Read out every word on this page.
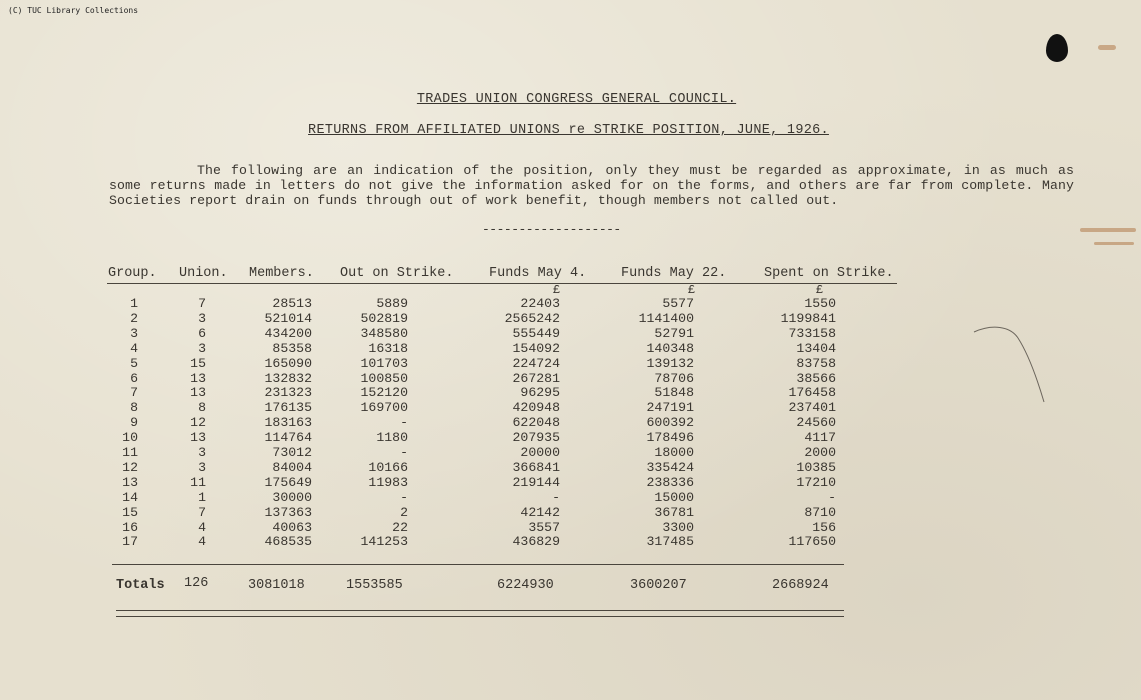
(C) TUC Library Collections
TRADES UNION CONGRESS GENERAL COUNCIL.
RETURNS FROM AFFILIATED UNIONS re STRIKE POSITION, JUNE, 1926.
The following are an indication of the position, only they must be regarded as approximate, in as much as some returns made in letters do not give the information asked for on the forms, and others are far from complete. Many Societies report drain on funds through out of work benefit, though members not called out.
-------------------
Group. Union. Members. Out on Strike.	Funds May 4.	Funds May 22.	Spent on Strike.
£	£	£
1	7	28513	5889	22403	5577	1550
2	3	521014	502819	2565242	1141400	1199841
3	6	434200	348580	555449	52791	733158
4	3	85358	16318	154092	140348	13404
5	15	165090	101703	224724	139132	83758
6	13	132832	100850	267281	78706	38566
7	13	231323	152120	96295	51848	176458
8	8	176135	169700	420948	247191	237401
9	12	183163	-	622048	600392	24560
10	13	114764	1180	207935	178496	4117
11	3	73012	-	20000	18000	2000
12	3	84004	10166	366841	335424	10385
13	11	175649	11983	219144	238336	17210
14	1	30000	-	-	15000	-
15	7	137363	2	42142	36781	8710
16	4	40063	22	3557	3300	156
17	4	468535	141253	436829	317485	117650
Totals 126	3081018	1553585	6224930	3600207	2668924
